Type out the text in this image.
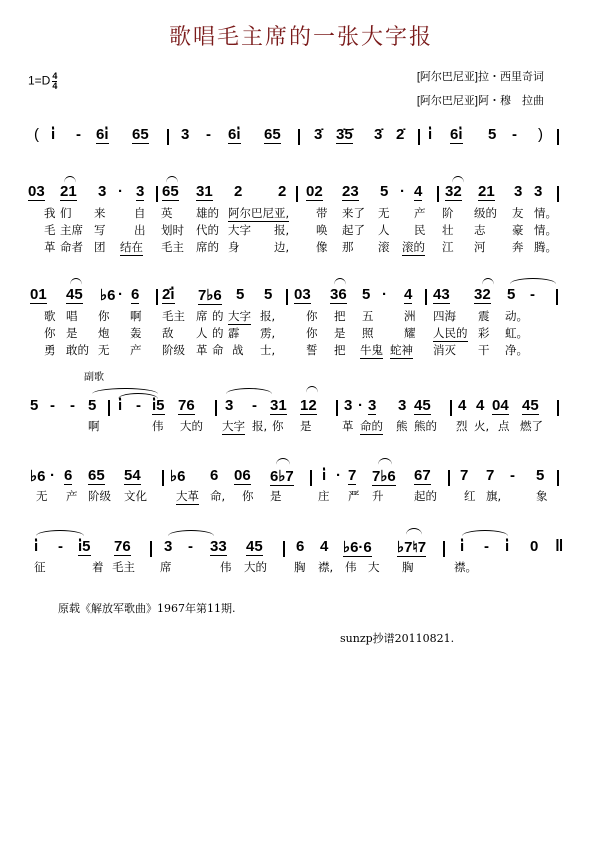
歌唱毛主席的一张大字报
$1=D \frac{4}{4}$	[阿尔巴尼亚]拉・西里奇词
[阿尔巴尼亚]阿・穆　拉曲
( i̇ - 6i̇ 65 3 - 6i̇ 65 3̇ 3̇5̇ 3̇ 2̇ i̇ 6i̇ 5 - )
03 21 3 · 3 65 31 2 2 02 23 5 · 4 32 21 3 3
我 们 来 自 英 雄的 阿尔巴尼亚, 带 来了 无 产 阶 级的 友 情。
毛 主席 写 出 划时 代的 大字 报, 唤 起了 人 民 壮 志 豪 情。
革 命者 团 结在 毛主 席的 身	边, 像 那 滚 滚的 江 河 奔 腾。
01 45 ♭6 · 6 2̇i̇ 7♭6 5 5 03 36 5 · 4 43 32 5 -
歌 唱 你 啊 毛主 席 的 大字 报,	你 把 五	洲 四海 震 动。
你 是 炮 轰 敌 人 的 霹 雳,	你 是 照	耀 人民的 彩 虹。
勇 敢的 无 产 阶级 革 命 战 士,	誓 把 牛鬼 蛇神 消灭 干 净。
副歌
5 - - 5 i̇ - i̇5 76 3 - 31 12 3 · 3 3 45 4 4 04 45
啊	伟 大的 大字 报, 你 是	革 命的 熊 熊的 烈 火, 点 燃了
♭6 · 6 65 54 ♭6 6 06 6♭7 i̇ · 7 7♭6 67 7 7 - 5
无 产 阶级 文化	大革 命, 你 是	庄 严 升	起的 红 旗,	象
i̇ - i̇5 76 3 - 33 45 6 4 ♭6·6 ♭7♮7 i̇ - i̇ 0 ‖
征	着 毛主 席	伟 大的 胸 襟, 伟 大 胸	襟。
原载《解放军歌曲》1967年第11期.
sunzp抄谱20110821.
